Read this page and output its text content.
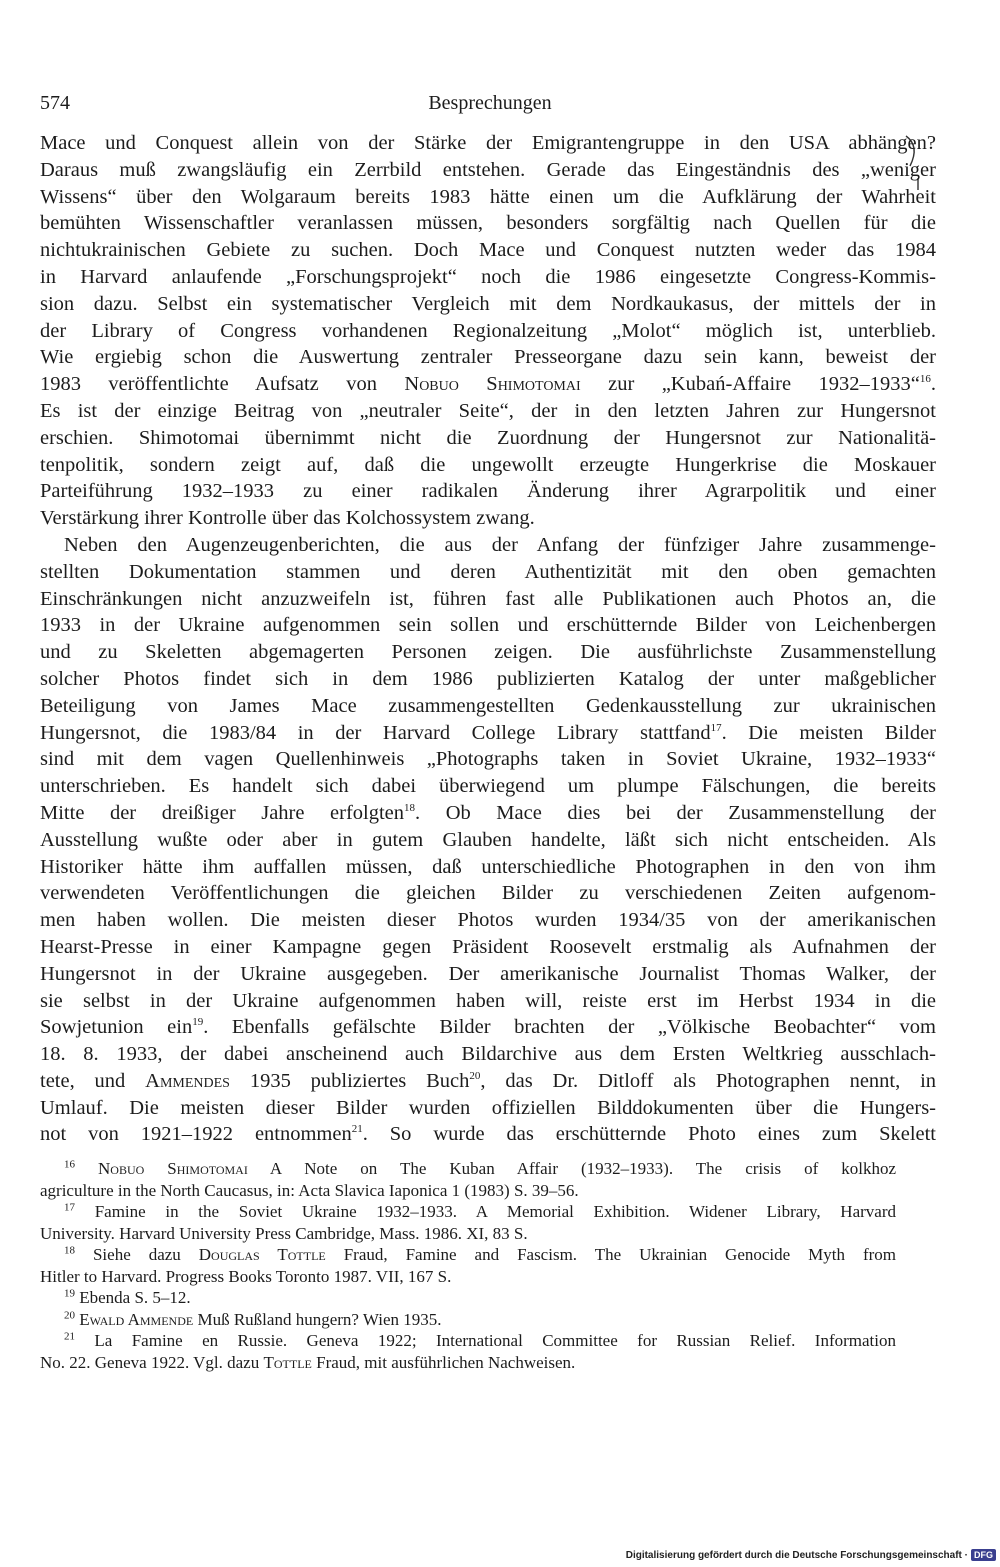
574	Besprechungen
Mace und Conquest allein von der Stärke der Emigrantengruppe in den USA abhängen?
Daraus muß zwangsläufig ein Zerrbild entstehen. Gerade das Eingeständnis des „weniger
Wissens“ über den Wolgaraum bereits 1983 hätte einen um die Aufklärung der Wahrheit
bemühten Wissenschaftler veranlassen müssen, besonders sorgfältig nach Quellen für die
nichtukrainischen Gebiete zu suchen. Doch Mace und Conquest nutzten weder das 1984
in Harvard anlaufende „Forschungsprojekt“ noch die 1986 eingesetzte Congress-Kommis-
sion dazu. Selbst ein systematischer Vergleich mit dem Nordkaukasus, der mittels der in
der Library of Congress vorhandenen Regionalzeitung „Molot“ möglich ist, unterblieb.
Wie ergiebig schon die Auswertung zentraler Presseorgane dazu sein kann, beweist der
1983 veröffentlichte Aufsatz von Nobuo Shimotomai zur „Kubań-Affaire 1932–1933“$^{16}$.
Es ist der einzige Beitrag von „neutraler Seite“, der in den letzten Jahren zur Hungersnot
erschien. Shimotomai übernimmt nicht die Zuordnung der Hungersnot zur Nationalitä-
tenpolitik, sondern zeigt auf, daß die ungewollt erzeugte Hungerkrise die Moskauer
Parteiführung 1932–1933 zu einer radikalen Änderung ihrer Agrarpolitik und einer
Verstärkung ihrer Kontrolle über das Kolchossystem zwang.
Neben den Augenzeugenberichten, die aus der Anfang der fünfziger Jahre zusammenge-
stellten Dokumentation stammen und deren Authentizität mit den oben gemachten
Einschränkungen nicht anzuzweifeln ist, führen fast alle Publikationen auch Photos an, die
1933 in der Ukraine aufgenommen sein sollen und erschütternde Bilder von Leichenbergen
und zu Skeletten abgemagerten Personen zeigen. Die ausführlichste Zusammenstellung
solcher Photos findet sich in dem 1986 publizierten Katalog der unter maßgeblicher
Beteiligung von James Mace zusammengestellten Gedenkausstellung zur ukrainischen
Hungersnot, die 1983/84 in der Harvard College Library stattfand$^{17}$. Die meisten Bilder
sind mit dem vagen Quellenhinweis „Photographs taken in Soviet Ukraine, 1932–1933“
unterschrieben. Es handelt sich dabei überwiegend um plumpe Fälschungen, die bereits
Mitte der dreißiger Jahre erfolgten$^{18}$. Ob Mace dies bei der Zusammenstellung der
Ausstellung wußte oder aber in gutem Glauben handelte, läßt sich nicht entscheiden. Als
Historiker hätte ihm auffallen müssen, daß unterschiedliche Photographen in den von ihm
verwendeten Veröffentlichungen die gleichen Bilder zu verschiedenen Zeiten aufgenom-
men haben wollen. Die meisten dieser Photos wurden 1934/35 von der amerikanischen
Hearst-Presse in einer Kampagne gegen Präsident Roosevelt erstmalig als Aufnahmen der
Hungersnot in der Ukraine ausgegeben. Der amerikanische Journalist Thomas Walker, der
sie selbst in der Ukraine aufgenommen haben will, reiste erst im Herbst 1934 in die
Sowjetunion ein$^{19}$. Ebenfalls gefälschte Bilder brachten der „Völkische Beobachter“ vom
18. 8. 1933, der dabei anscheinend auch Bildarchive aus dem Ersten Weltkrieg ausschlach-
tete, und Ammendes 1935 publiziertes Buch$^{20}$, das Dr. Ditloff als Photographen nennt, in
Umlauf. Die meisten dieser Bilder wurden offiziellen Bilddokumenten über die Hungers-
not von 1921–1922 entnommen$^{21}$. So wurde das erschütternde Photo eines zum Skelett
$^{16}$ Nobuo Shimotomai A Note on The Kuban Affair (1932–1933). The crisis of kolkhoz
agriculture in the North Caucasus, in: Acta Slavica Iaponica 1 (1983) S. 39–56.
$^{17}$ Famine in the Soviet Ukraine 1932–1933. A Memorial Exhibition. Widener Library, Harvard
University. Harvard University Press Cambridge, Mass. 1986. XI, 83 S.
$^{18}$ Siehe dazu Douglas Tottle Fraud, Famine and Fascism. The Ukrainian Genocide Myth from
Hitler to Harvard. Progress Books Toronto 1987. VII, 167 S.
$^{19}$ Ebenda S. 5–12.
$^{20}$ Ewald Ammende Muß Rußland hungern? Wien 1935.
$^{21}$ La Famine en Russie. Geneva 1922; International Committee for Russian Relief. Information
No. 22. Geneva 1922. Vgl. dazu Tottle Fraud, mit ausführlichen Nachweisen.
Digitalisierung gefördert durch die Deutsche Forschungsgemeinschaft · DFG
